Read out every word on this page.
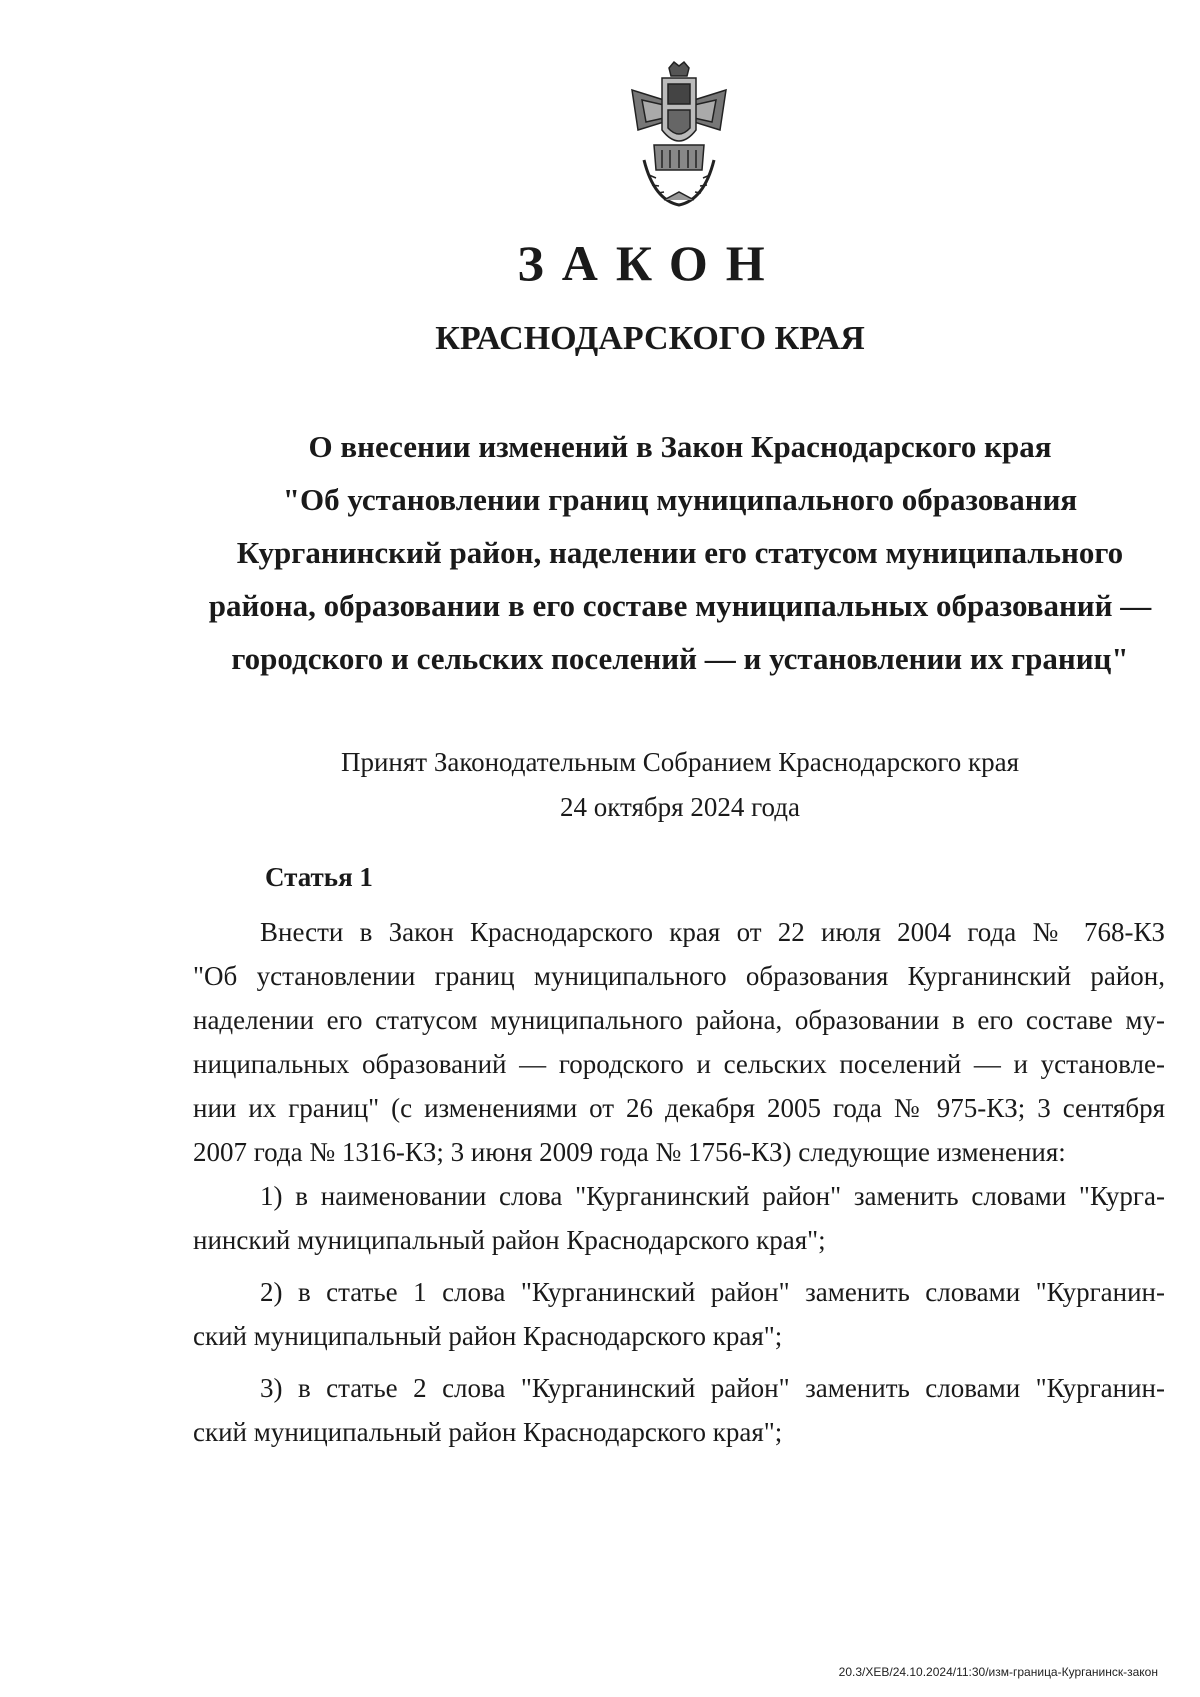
ЗАКОН
КРАСНОДАРСКОГО КРАЯ
О внесении изменений в Закон Краснодарского края
"Об установлении границ муниципального образования
Курганинский район, наделении его статусом муниципального
района, образовании в его составе муниципальных образований —
городского и сельских поселений — и установлении их границ"
Принят Законодательным Собранием Краснодарского края
24 октября 2024 года
Статья 1
Внести в Закон Краснодарского края от 22 июля 2004 года № 768-КЗ
"Об установлении границ муниципального образования Курганинский район,
наделении его статусом муниципального района, образовании в его составе му-
ниципальных образований — городского и сельских поселений — и установле-
нии их границ" (с изменениями от 26 декабря 2005 года № 975-КЗ; 3 сентября
2007 года № 1316-КЗ; 3 июня 2009 года № 1756-КЗ) следующие изменения:
1) в наименовании слова "Курганинский район" заменить словами "Курга-
нинский муниципальный район Краснодарского края";
2) в статье 1 слова "Курганинский район" заменить словами "Курганин-
ский муниципальный район Краснодарского края";
3) в статье 2 слова "Курганинский район" заменить словами "Курганин-
ский муниципальный район Краснодарского края";
20.3/ХЕВ/24.10.2024/11:30/изм-граница-Курганинск-закон
